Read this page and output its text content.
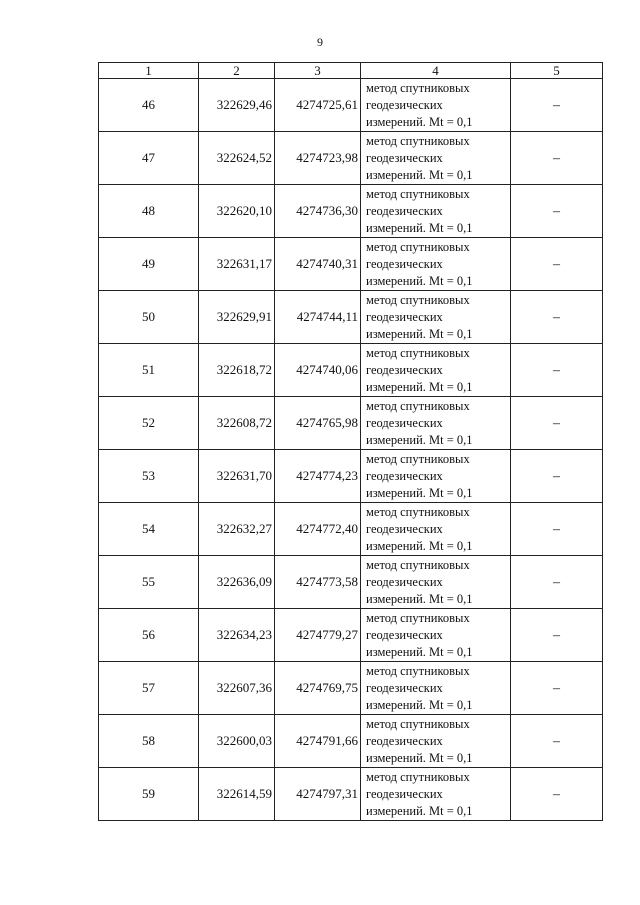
9
1	2	3	4	5
46	322629,46	4274725,61	метод спутниковых
геодезических
измерений. Mt = 0,1	–
47	322624,52	4274723,98	метод спутниковых
геодезических
измерений. Mt = 0,1	–
48	322620,10	4274736,30	метод спутниковых
геодезических
измерений. Mt = 0,1	–
49	322631,17	4274740,31	метод спутниковых
геодезических
измерений. Mt = 0,1	–
50	322629,91	4274744,11	метод спутниковых
геодезических
измерений. Mt = 0,1	–
51	322618,72	4274740,06	метод спутниковых
геодезических
измерений. Mt = 0,1	–
52	322608,72	4274765,98	метод спутниковых
геодезических
измерений. Mt = 0,1	–
53	322631,70	4274774,23	метод спутниковых
геодезических
измерений. Mt = 0,1	–
54	322632,27	4274772,40	метод спутниковых
геодезических
измерений. Mt = 0,1	–
55	322636,09	4274773,58	метод спутниковых
геодезических
измерений. Mt = 0,1	–
56	322634,23	4274779,27	метод спутниковых
геодезических
измерений. Mt = 0,1	–
57	322607,36	4274769,75	метод спутниковых
геодезических
измерений. Mt = 0,1	–
58	322600,03	4274791,66	метод спутниковых
геодезических
измерений. Mt = 0,1	–
59	322614,59	4274797,31	метод спутниковых
геодезических
измерений. Mt = 0,1	–
